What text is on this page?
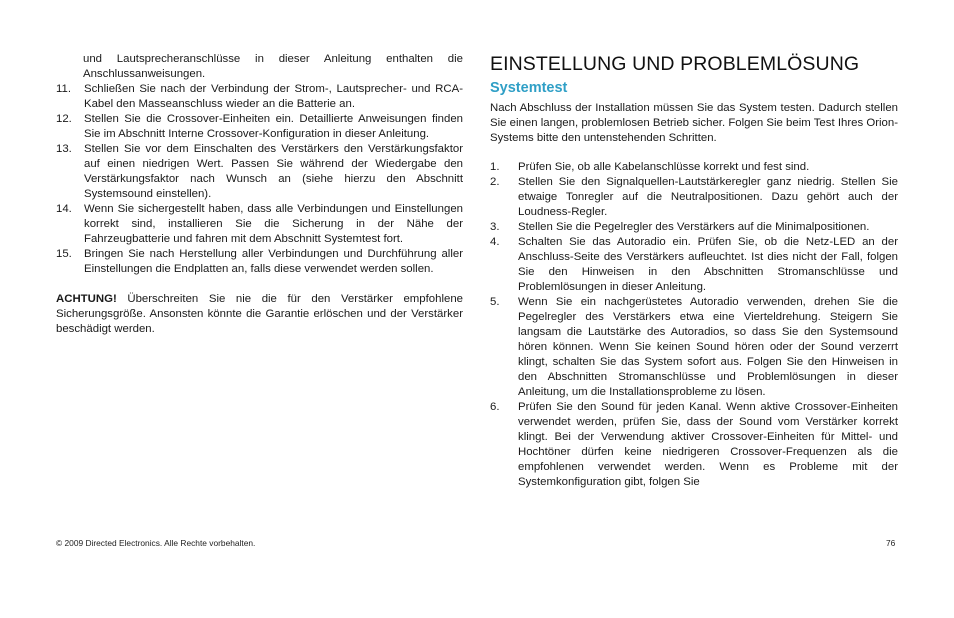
und Lautsprecheranschlüsse in dieser Anleitung enthalten die Anschlussanweisungen.

11.	Schließen Sie nach der Verbindung der Strom-, Lautsprecher- und RCA-Kabel den Masseanschluss wieder an die Batterie an.
12.	Stellen Sie die Crossover-Einheiten ein. Detaillierte Anweisungen finden Sie im Abschnitt Interne Crossover-Konfiguration in dieser Anleitung.
13.	Stellen Sie vor dem Einschalten des Verstärkers den Verstärkungsfaktor auf einen niedrigen Wert. Passen Sie während der Wiedergabe den Verstärkungsfaktor nach Wunsch an (siehe hierzu den Abschnitt Systemsound einstellen).
14.	Wenn Sie sichergestellt haben, dass alle Verbindungen und Einstellungen korrekt sind, installieren Sie die Sicherung in der Nähe der Fahrzeugbatterie und fahren mit dem Abschnitt Systemtest fort.
15.	Bringen Sie nach Herstellung aller Verbindungen und Durchführung aller Einstellungen die Endplatten an, falls diese verwendet werden sollen.

ACHTUNG! Überschreiten Sie nie die für den Verstärker empfohlene Sicherungsgröße. Ansonsten könnte die Garantie erlöschen und der Verstärker beschädigt werden.

EINSTELLUNG UND PROBLEMLÖSUNG
Systemtest

Nach Abschluss der Installation müssen Sie das System testen. Dadurch stellen Sie einen langen, problemlosen Betrieb sicher. Folgen Sie beim Test Ihres Orion-Systems bitte den untenstehenden Schritten.

1.	Prüfen Sie, ob alle Kabelanschlüsse korrekt und fest sind.
2.	Stellen Sie den Signalquellen-Lautstärkeregler ganz niedrig. Stellen Sie etwaige Tonregler auf die Neutralpositionen. Dazu gehört auch der Loudness-Regler.
3.	Stellen Sie die Pegelregler des Verstärkers auf die Minimalpositionen.
4.	Schalten Sie das Autoradio ein. Prüfen Sie, ob die Netz-LED an der Anschluss-Seite des Verstärkers aufleuchtet. Ist dies nicht der Fall, folgen Sie den Hinweisen in den Abschnitten Stromanschlüsse und Problemlösungen in dieser Anleitung.
5.	Wenn Sie ein nachgerüstetes Autoradio verwenden, drehen Sie die Pegelregler des Verstärkers etwa eine Vierteldrehung. Steigern Sie langsam die Lautstärke des Autoradios, so dass Sie den Systemsound hören können. Wenn Sie keinen Sound hören oder der Sound verzerrt klingt, schalten Sie das System sofort aus. Folgen Sie den Hinweisen in den Abschnitten Stromanschlüsse und Problemlösungen in dieser Anleitung, um die Installationsprobleme zu lösen.
6.	Prüfen Sie den Sound für jeden Kanal. Wenn aktive Crossover-Einheiten verwendet werden, prüfen Sie, dass der Sound vom Verstärker korrekt klingt. Bei der Verwendung aktiver Crossover-Einheiten für Mittel- und Hochtöner dürfen keine niedrigeren Crossover-Frequenzen als die empfohlenen verwendet werden. Wenn es Probleme mit der Systemkonfiguration gibt, folgen Sie
© 2009 Directed Electronics. Alle Rechte vorbehalten.	76
